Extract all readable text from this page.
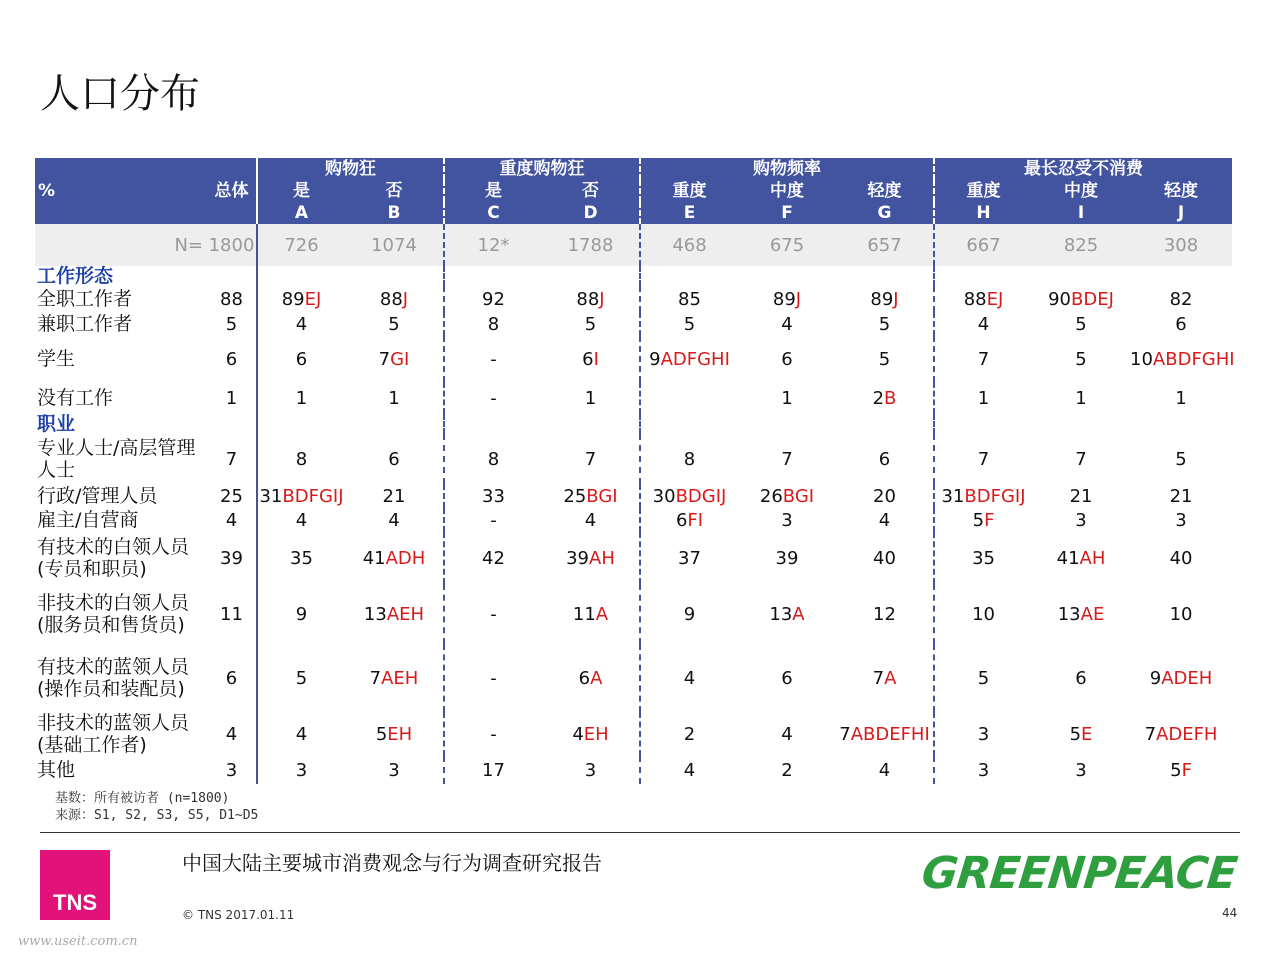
人口分布
		购物狂		重度购物狂		购物频率			最长忍受不消费		
%	总体	是	否	是	否	重度	中度	轻度	重度	中度	轻度
		A	B	C	D	E	F	G	H	I	J
N=	1800	726	1074	12*	1788	468	675	657	667	825	308
工作形态											
全职工作者	88	89EJ	88J	92	88J	85	89J	89J	88EJ	90BDEJ	82
兼职工作者	5	4	5	8	5	5	4	5	4	5	6
学生	6	6	7GI	-	6I	9ADFGHI	6	5	7	5	10ABDFGHI
没有工作	1	1	1	-	1		1	2B	1	1	1
职业											
专业人士/高层管理人士	7	8	6	8	7	8	7	6	7	7	5
行政/管理人员	25	31BDFGIJ	21	33	25BGI	30BDGIJ	26BGI	20	31BDFGIJ	21	21
雇主/自营商	4	4	4	-	4	6FI	3	4	5F	3	3
有技术的白领人员(专员和职员)	39	35	41ADH	42	39AH	37	39	40	35	41AH	40
非技术的白领人员(服务员和售货员)	11	9	13AEH	-	11A	9	13A	12	10	13AE	10
有技术的蓝领人员(操作员和装配员)	6	5	7AEH	-	6A	4	6	7A	5	6	9ADEH
非技术的蓝领人员(基础工作者)	4	4	5EH	-	4EH	2	4	7ABDEFHI	3	5E	7ADEFH
其他	3	3	3	17	3	4	2	4	3	3	5F
基数：所有被访者 (n=1800)
来源：S1, S2, S3, S5, D1~D5
TNS
中国大陆主要城市消费观念与行为调查研究报告
© TNS 2017.01.11
GREENPEACE
44
www.useit.com.cn
